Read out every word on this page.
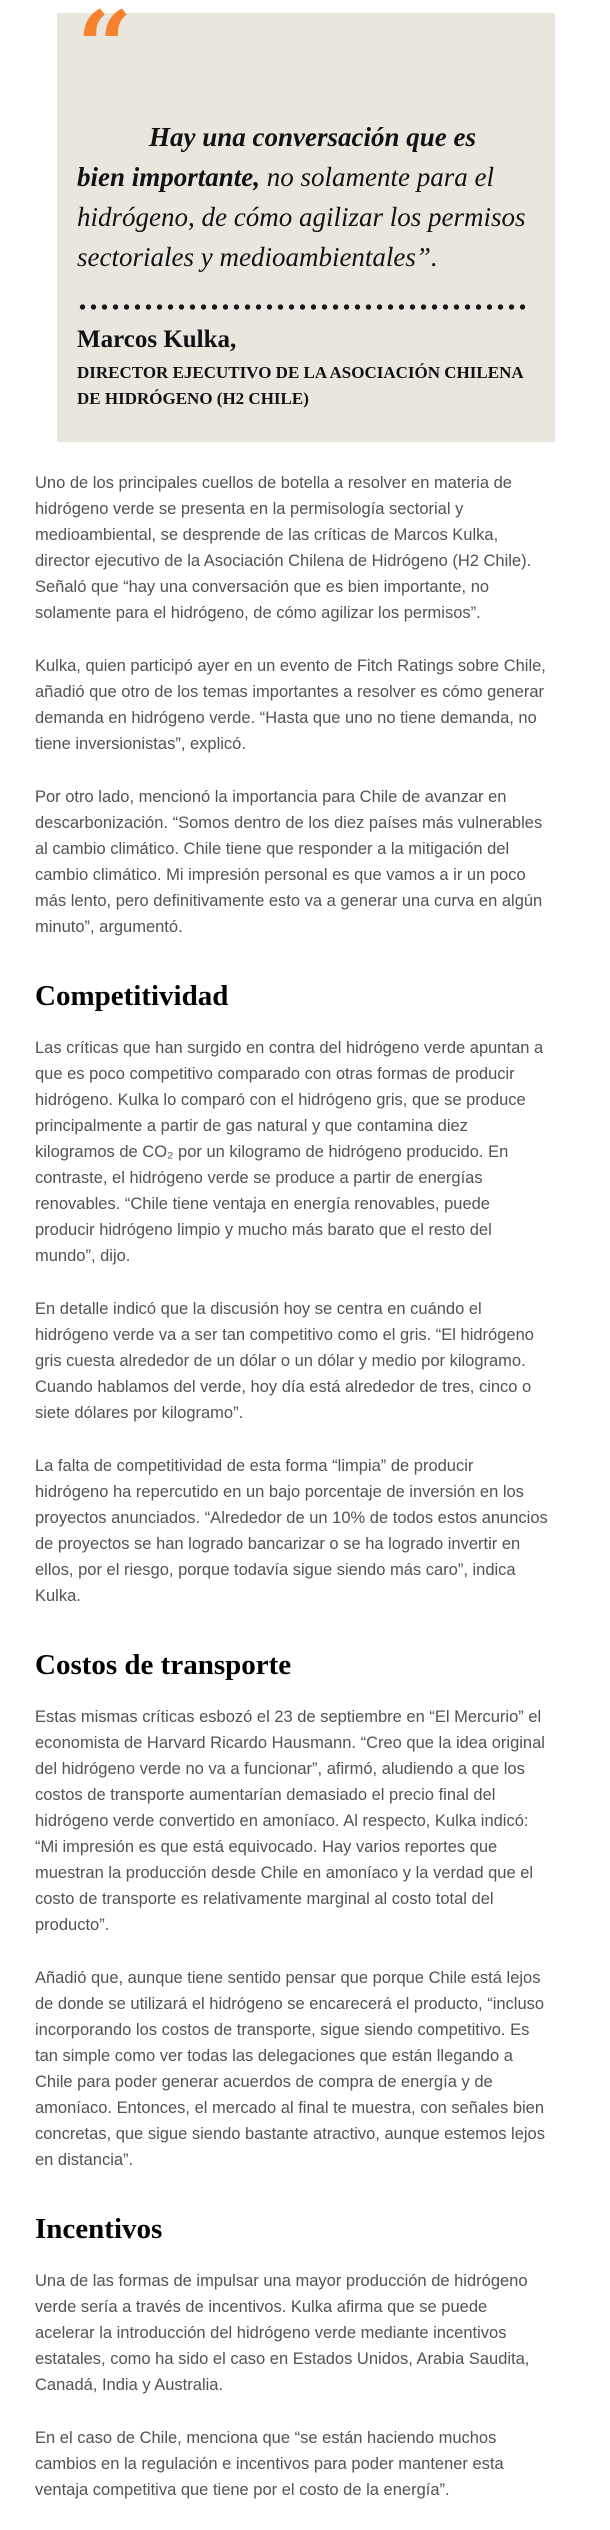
“
Hay una conversación que es bien importante, no solamente para el hidrógeno, de cómo agilizar los permisos sectoriales y medioambientales”.
Marcos Kulka,
DIRECTOR EJECUTIVO DE LA ASOCIACIÓN CHILENA DE HIDRÓGENO (H2 CHILE)

Uno de los principales cuellos de botella a resolver en materia de hidrógeno verde se presenta en la permisología sectorial y medioambiental, se desprende de las críticas de Marcos Kulka, director ejecutivo de la Asociación Chilena de Hidrógeno (H2 Chile). Señaló que “hay una conversación que es bien importante, no solamente para el hidrógeno, de cómo agilizar los permisos”.

Kulka, quien participó ayer en un evento de Fitch Ratings sobre Chile, añadió que otro de los temas importantes a resolver es cómo generar demanda en hidrógeno verde. “Hasta que uno no tiene demanda, no tiene inversionistas”, explicó.

Por otro lado, mencionó la importancia para Chile de avanzar en descarbonización. “Somos dentro de los diez países más vulnerables al cambio climático. Chile tiene que responder a la mitigación del cambio climático. Mi impresión personal es que vamos a ir un poco más lento, pero definitivamente esto va a generar una curva en algún minuto”, argumentó.

Competitividad

Las críticas que han surgido en contra del hidrógeno verde apuntan a que es poco competitivo comparado con otras formas de producir hidrógeno. Kulka lo comparó con el hidrógeno gris, que se produce principalmente a partir de gas natural y que contamina diez kilogramos de CO₂ por un kilogramo de hidrógeno producido. En contraste, el hidrógeno verde se produce a partir de energías renovables. “Chile tiene ventaja en energía renovables, puede producir hidrógeno limpio y mucho más barato que el resto del mundo”, dijo.

En detalle indicó que la discusión hoy se centra en cuándo el hidrógeno verde va a ser tan competitivo como el gris. “El hidrógeno gris cuesta alrededor de un dólar o un dólar y medio por kilogramo. Cuando hablamos del verde, hoy día está alrededor de tres, cinco o siete dólares por kilogramo”.

La falta de competitividad de esta forma “limpia” de producir hidrógeno ha repercutido en un bajo porcentaje de inversión en los proyectos anunciados. “Alrededor de un 10% de todos estos anuncios de proyectos se han logrado bancarizar o se ha logrado invertir en ellos, por el riesgo, porque todavía sigue siendo más caro”, indica Kulka.

Costos de transporte

Estas mismas críticas esbozó el 23 de septiembre en “El Mercurio” el economista de Harvard Ricardo Hausmann. “Creo que la idea original del hidrógeno verde no va a funcionar”, afirmó, aludiendo a que los costos de transporte aumentarían demasiado el precio final del hidrógeno verde convertido en amoníaco. Al respecto, Kulka indicó: “Mi impresión es que está equivocado. Hay varios reportes que muestran la producción desde Chile en amoníaco y la verdad que el costo de transporte es relativamente marginal al costo total del producto”.

Añadió que, aunque tiene sentido pensar que porque Chile está lejos de donde se utilizará el hidrógeno se encarecerá el producto, “incluso incorporando los costos de transporte, sigue siendo competitivo. Es tan simple como ver todas las delegaciones que están llegando a Chile para poder generar acuerdos de compra de energía y de amoníaco. Entonces, el mercado al final te muestra, con señales bien concretas, que sigue siendo bastante atractivo, aunque estemos lejos en distancia”.

Incentivos

Una de las formas de impulsar una mayor producción de hidrógeno verde sería a través de incentivos. Kulka afirma que se puede acelerar la introducción del hidrógeno verde mediante incentivos estatales, como ha sido el caso en Estados Unidos, Arabia Saudita, Canadá, India y Australia.

En el caso de Chile, menciona que “se están haciendo muchos cambios en la regulación e incentivos para poder mantener esta ventaja competitiva que tiene por el costo de la energía”.
